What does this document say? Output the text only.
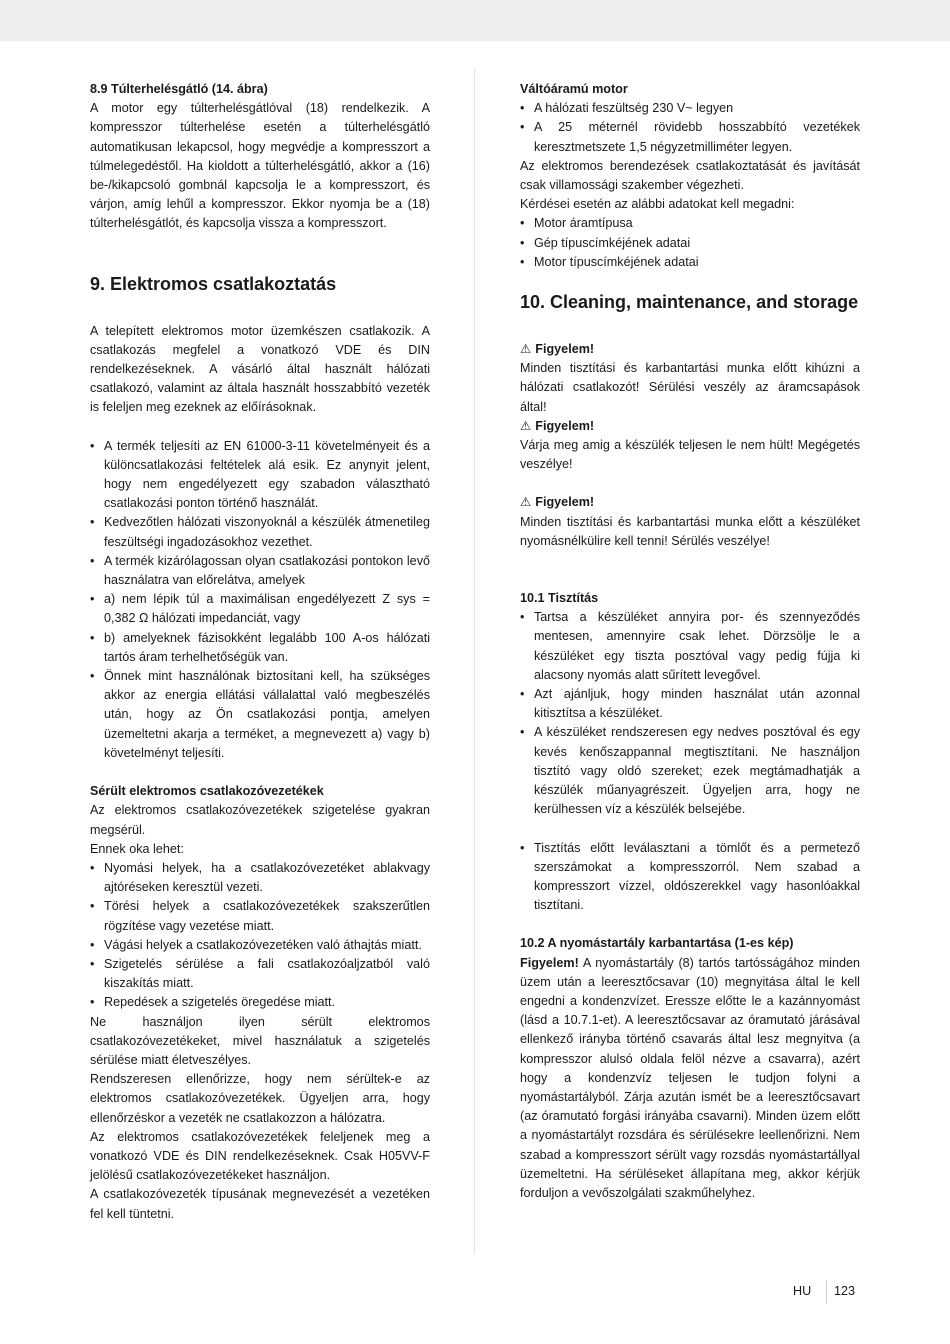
8.9 Túlterhelésgátló (14. ábra)

A motor egy túlterhelésgátlóval (18) rendelkezik. A kompresszor túlterhelése esetén a túlterhelésgátló automatikusan lekapcsol, hogy megvédje a kompresszort a túlmelegedéstől. Ha kioldott a túlterhelésgátló, akkor a (16) be-/kikapcsoló gombnál kapcsolja le a kompresszort, és várjon, amíg lehűl a kompresszor. Ekkor nyomja be a (18) túlterhelésgátlót, és kapcsolja vissza a kompresszort.

9. Elektromos csatlakoztatás

A telepített elektromos motor üzemkészen csatlakozik. A csatlakozás megfelel a vonatkozó VDE és DIN rendelkezéseknek. A vásárló által használt hálózati csatlakozó, valamint az általa használt hosszabbító vezeték is feleljen meg ezeknek az előírásoknak.

• A termék teljesíti az EN 61000-3-11 követelményeit és a különcsatlakozási feltételek alá esik. Ez anynyit jelent, hogy nem engedélyezett egy szabadon választható csatlakozási ponton történő használát.
• Kedvezőtlen hálózati viszonyoknál a készülék átmenetileg feszültségi ingadozásokhoz vezethet.
• A termék kizárólagossan olyan csatlakozási pontokon levő használatra van előrelátva, amelyek
• a) nem lépik túl a maximálisan engedélyezett Z sys = 0,382 Ω hálózati impedanciát, vagy
• b) amelyeknek fázisokként legalább 100 A-os hálózati tartós áram terhelhetőségük van.
• Önnek mint használónak biztosítani kell, ha szükséges akkor az energia ellátási vállalattal való megbeszélés után, hogy az Ön csatlakozási pontja, amelyen üzemeltetni akarja a terméket, a megnevezett a) vagy b) követelményt teljesíti.

Sérült elektromos csatlakozóvezetékek

Az elektromos csatlakozóvezetékek szigetelése gyakran megsérül.

Ennek oka lehet:

• Nyomási helyek, ha a csatlakozóvezetéket ablakvagy ajtóréseken keresztül vezeti.
• Törési helyek a csatlakozóvezetékek szakszerűtlen rögzítése vagy vezetése miatt.
• Vágási helyek a csatlakozóvezetéken való áthajtás miatt.
• Szigetelés sérülése a fali csatlakozóaljzatból való kiszakítás miatt.
• Repedések a szigetelés öregedése miatt.

Ne használjon ilyen sérült elektromos csatlakozóvezetékeket, mivel használatuk a szigetelés sérülése miatt életveszélyes.

Rendszeresen ellenőrizze, hogy nem sérültek-e az elektromos csatlakozóvezetékek. Ügyeljen arra, hogy ellenőrzéskor a vezeték ne csatlakozzon a hálózatra.

Az elektromos csatlakozóvezetékek feleljenek meg a vonatkozó VDE és DIN rendelkezéseknek. Csak H05VV-F jelölésű csatlakozóvezetékeket használjon.

A csatlakozóvezeték típusának megnevezését a vezetéken fel kell tüntetni.

Váltóáramú motor

• A hálózati feszültség 230 V~ legyen
• A 25 méternél rövidebb hosszabbító vezetékek keresztmetszete 1,5 négyzetmilliméter legyen.

Az elektromos berendezések csatlakoztatását és javítását csak villamossági szakember végezheti.

Kérdései esetén az alábbi adatokat kell megadni:

• Motor áramtípusa
• Gép típuscímkéjének adatai
• Motor típuscímkéjének adatai
10. Cleaning, maintenance, and storage

⚠ Figyelem!

Minden tisztítási és karbantartási munka előtt kihúzni a hálózati csatlakozót! Sérülési veszély az áramcsapások által!

⚠ Figyelem!

Várja meg amig a készülék teljesen le nem hült! Megégetés veszélye!

⚠ Figyelem!

Minden tisztítási és karbantartási munka előtt a készüléket nyomásnélkülire kell tenni! Sérülés veszélye!

10.1 Tisztítás

• Tartsa a készüléket annyira por- és szennyeződés mentesen, amennyire csak lehet. Dörzsölje le a készüléket egy tiszta posztóval vagy pedig fújja ki alacsony nyomás alatt sűrített levegővel.
• Azt ajánljuk, hogy minden használat után azonnal kitisztítsa a készüléket.
• A készüléket rendszeresen egy nedves posztóval és egy kevés kenőszappannal megtisztítani. Ne használjon tisztító vagy oldó szereket; ezek megtámadhatják a készülék műanyagrészeit. Ügyeljen arra, hogy ne kerülhessen víz a készülék belsejébe.
• Tisztítás előtt leválasztani a tömlőt és a permetező szerszámokat a kompresszorról. Nem szabad a kompresszort vízzel, oldószerekkel vagy hasonlóakkal tisztítani.

10.2 A nyomástartály karbantartása (1-es kép)

Figyelem! A nyomástartály (8) tartós tartósságához minden üzem után a leeresztőcsavar (10) megnyitása által le kell engedni a kondenzvízet. Eressze előtte le a kazánnyomást (lásd a 10.7.1-et). A leeresztőcsavar az óramutató járásával ellenkező irányba történő csavarás által lesz megnyitva (a kompresszor alulsó oldala felöl nézve a csavarra), azért hogy a kondenzvíz teljesen le tudjon folyni a nyomástartályból. Zárja azután ismét be a leeresztőcsavart (az óramutató forgási irányába csavarni). Minden üzem előtt a nyomástartályt rozsdára és sérülésekre leellenőrizni. Nem szabad a kompresszort sérült vagy rozsdás nyomástartállyal üzemeltetni. Ha sérüléseket állapítana meg, akkor kérjük forduljon a vevőszolgálati szakműhelyhez.

HU 123
